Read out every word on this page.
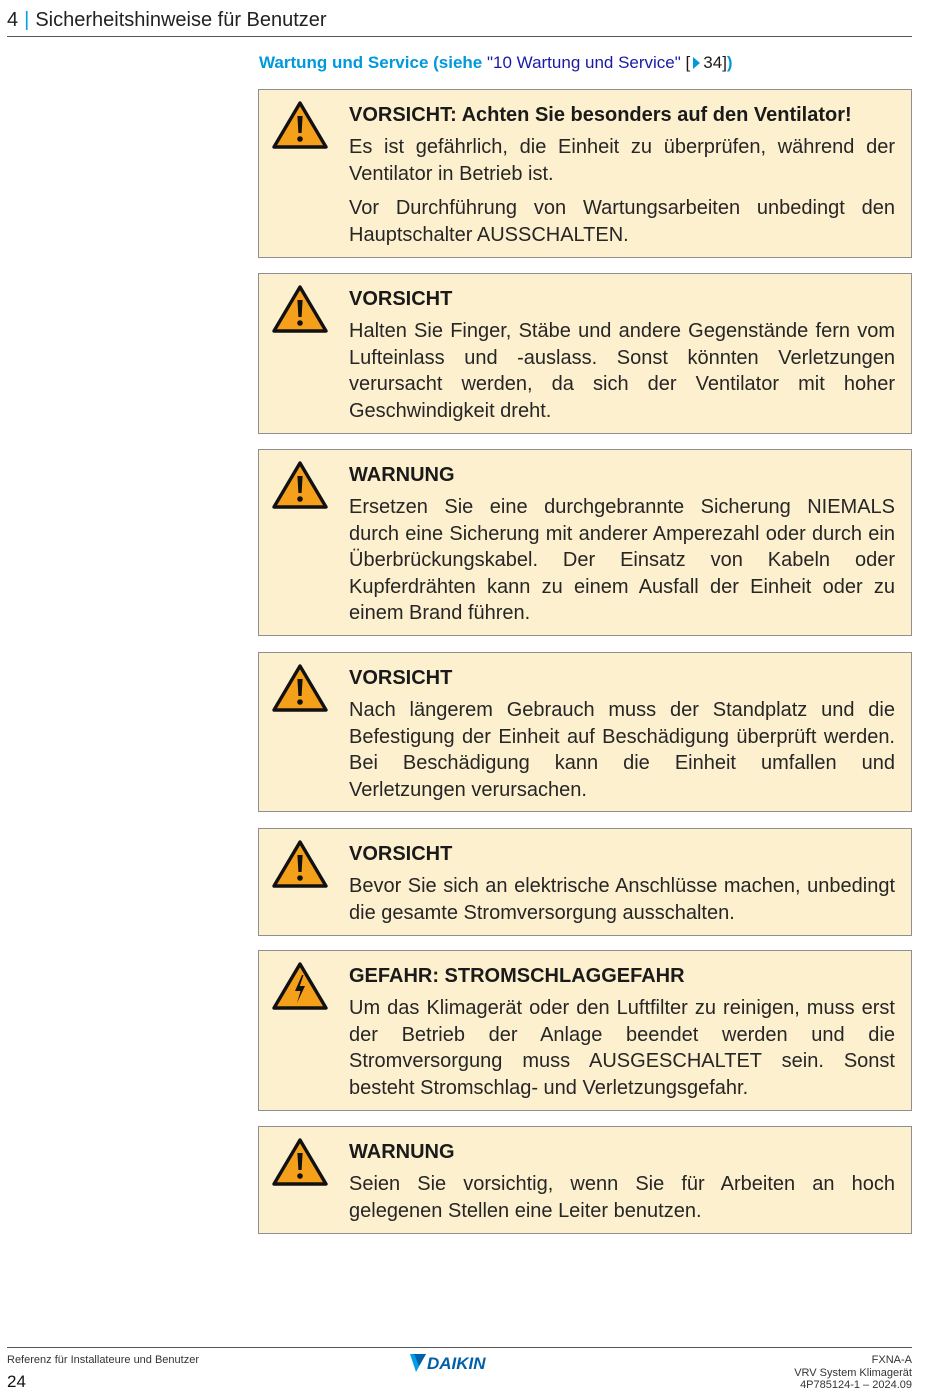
4 | Sicherheitshinweise für Benutzer
Wartung und Service (siehe "10 Wartung und Service" [ 34])
VORSICHT: Achten Sie besonders auf den Ventilator!

Es ist gefährlich, die Einheit zu überprüfen, während der Ventilator in Betrieb ist.

Vor Durchführung von Wartungsarbeiten unbedingt den Hauptschalter AUSSCHALTEN.

VORSICHT

Halten Sie Finger, Stäbe und andere Gegenstände fern vom Lufteinlass und -auslass. Sonst könnten Verletzungen verursacht werden, da sich der Ventilator mit hoher Geschwindigkeit dreht.

WARNUNG

Ersetzen Sie eine durchgebrannte Sicherung NIEMALS durch eine Sicherung mit anderer Amperezahl oder durch ein Überbrückungskabel. Der Einsatz von Kabeln oder Kupferdrähten kann zu einem Ausfall der Einheit oder zu einem Brand führen.

VORSICHT

Nach längerem Gebrauch muss der Standplatz und die Befestigung der Einheit auf Beschädigung überprüft werden. Bei Beschädigung kann die Einheit umfallen und Verletzungen verursachen.

VORSICHT

Bevor Sie sich an elektrische Anschlüsse machen, unbedingt die gesamte Stromversorgung ausschalten.

GEFAHR: STROMSCHLAGGEFAHR

Um das Klimagerät oder den Luftfilter zu reinigen, muss erst der Betrieb der Anlage beendet werden und die Stromversorgung muss AUSGESCHALTET sein. Sonst besteht Stromschlag- und Verletzungsgefahr.

WARNUNG

Seien Sie vorsichtig, wenn Sie für Arbeiten an hoch gelegenen Stellen eine Leiter benutzen.

Referenz für Installateure und Benutzer
24
DAIKIN	FXNA-A
VRV System Klimagerät
4P785124-1 – 2024.09
